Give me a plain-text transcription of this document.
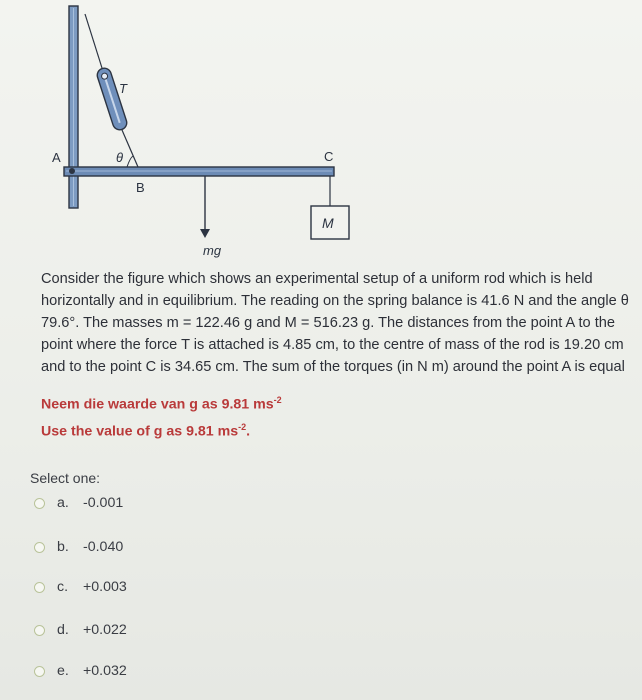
A
T
θ
B
C
M
mg

Consider the figure which shows an experimental setup of a uniform rod which is held

horizontally and in equilibrium. The reading on the spring balance is 41.6 N and the angle θ

79.6°. The masses m = 122.46 g and M = 516.23 g. The distances from the point A to the

point where the force T is attached is 4.85 cm, to the centre of mass of the rod is 19.20 cm

and to the point C is 34.65 cm. The sum of the torques (in N m) around the point A is equal

Neem die waarde van g as 9.81 $ms^{-2}$
Use the value of g as 9.81 $ms^{-2}$.
Select one:
a. -0.001
b. -0.040
c.	+0.003
d. +0.022
e. +0.032
